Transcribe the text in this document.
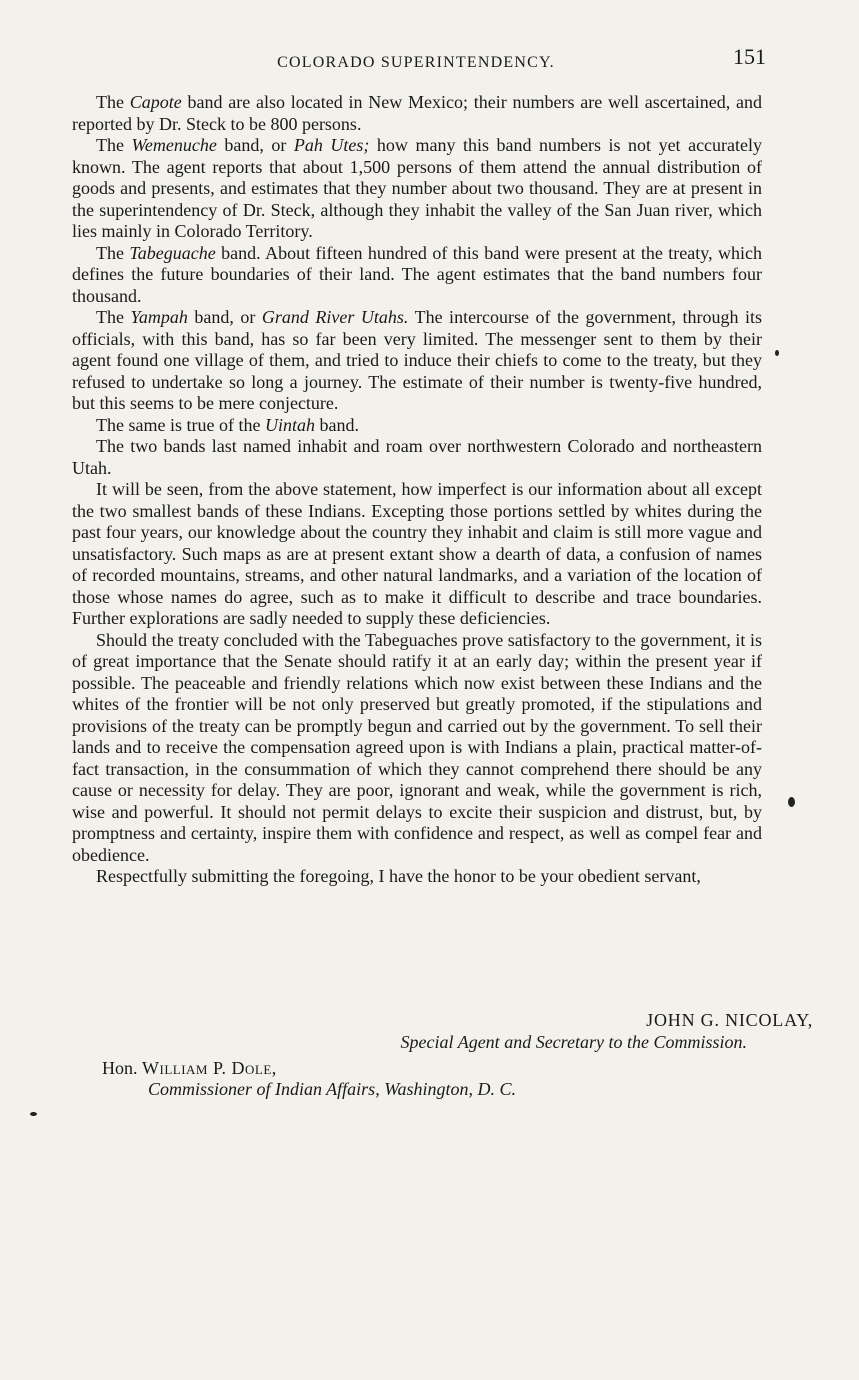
COLORADO SUPERINTENDENCY.	151

The Capote band are also located in New Mexico; their numbers are well ascertained, and reported by Dr. Steck to be 800 persons.

The Wemenuche band, or Pah Utes; how many this band numbers is not yet accurately known. The agent reports that about 1,500 persons of them attend the annual distribution of goods and presents, and estimates that they number about two thousand. They are at present in the superintendency of Dr. Steck, although they inhabit the valley of the San Juan river, which lies mainly in Colorado Territory.

The Tabeguache band. About fifteen hundred of this band were present at the treaty, which defines the future boundaries of their land. The agent estimates that the band numbers four thousand.

The Yampah band, or Grand River Utahs. The intercourse of the government, through its officials, with this band, has so far been very limited. The messenger sent to them by their agent found one village of them, and tried to induce their chiefs to come to the treaty, but they refused to undertake so long a journey. The estimate of their number is twenty-five hundred, but this seems to be mere conjecture.

The same is true of the Uintah band.

The two bands last named inhabit and roam over northwestern Colorado and northeastern Utah.

It will be seen, from the above statement, how imperfect is our information about all except the two smallest bands of these Indians. Excepting those portions settled by whites during the past four years, our knowledge about the country they inhabit and claim is still more vague and unsatisfactory. Such maps as are at present extant show a dearth of data, a confusion of names of recorded mountains, streams, and other natural landmarks, and a variation of the location of those whose names do agree, such as to make it difficult to describe and trace boundaries. Further explorations are sadly needed to supply these deficiencies.

Should the treaty concluded with the Tabeguaches prove satisfactory to the government, it is of great importance that the Senate should ratify it at an early day; within the present year if possible. The peaceable and friendly relations which now exist between these Indians and the whites of the frontier will be not only preserved but greatly promoted, if the stipulations and provisions of the treaty can be promptly begun and carried out by the government. To sell their lands and to receive the compensation agreed upon is with Indians a plain, practical matter-of-fact transaction, in the consummation of which they cannot comprehend there should be any cause or necessity for delay. They are poor, ignorant and weak, while the government is rich, wise and powerful. It should not permit delays to excite their suspicion and distrust, but, by promptness and certainty, inspire them with confidence and respect, as well as compel fear and obedience.

Respectfully submitting the foregoing, I have the honor to be your obedient servant,

JOHN G. NICOLAY,
Special Agent and Secretary to the Commission.
Hon. William P. Dole,
Commissioner of Indian Affairs, Washington, D. C.
